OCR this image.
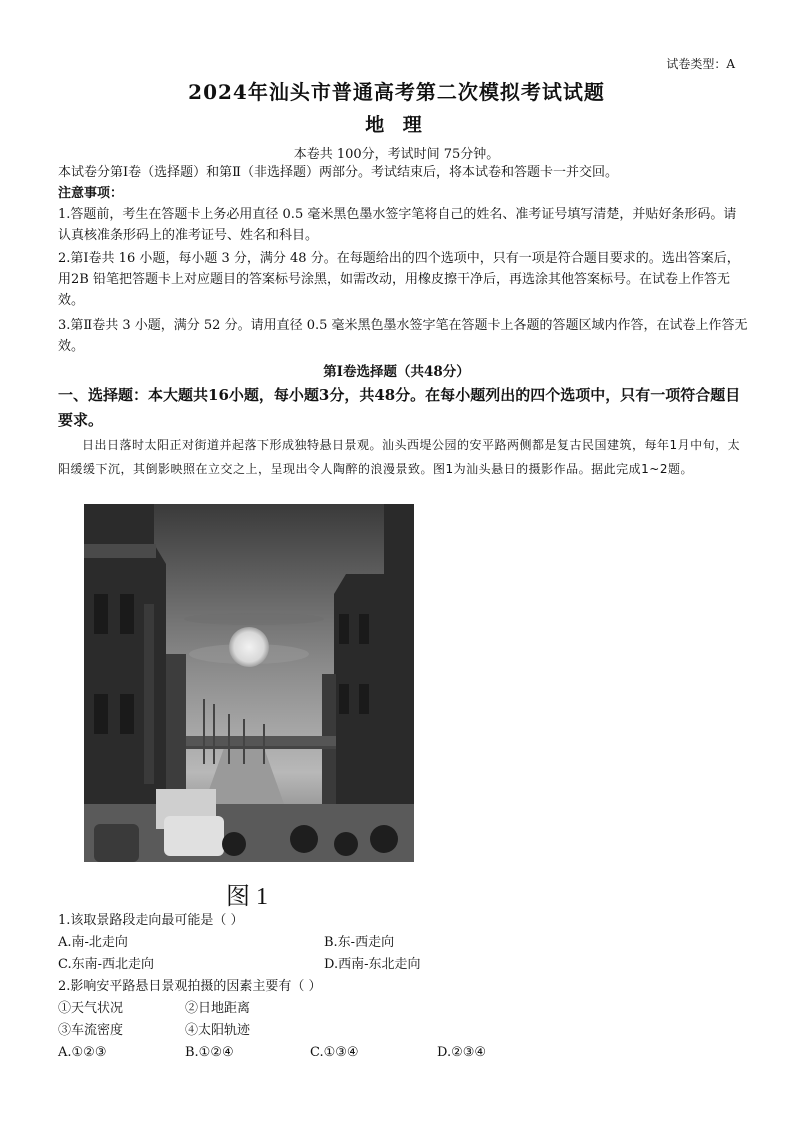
试卷类型：A
2024年汕头市普通高考第二次模拟考试试题
地 理
本卷共 100分，考试时间 75分钟。
本试卷分第Ⅰ卷（选择题）和第Ⅱ（非选择题）两部分。考试结束后，将本试卷和答题卡一并交回。
注意事项：
1.答题前，考生在答题卡上务必用直径 0.5 毫米黑色墨水签字笔将自己的姓名、准考证号填写清楚，并贴好条形码。请认真核准条形码上的准考证号、姓名和科目。
2.第Ⅰ卷共 16 小题，每小题 3 分，满分 48 分。在每题给出的四个选项中，只有一项是符合题目要求的。选出答案后，用2B 铅笔把答题卡上对应题目的答案标号涂黑，如需改动，用橡皮擦干净后，再选涂其他答案标号。在试卷上作答无效。
3.第Ⅱ卷共 3 小题，满分 52 分。请用直径 0.5 毫米黑色墨水签字笔在答题卡上各题的答题区域内作答，在试卷上作答无效。
第Ⅰ卷选择题（共48分）
一、选择题：本大题共16小题，每小题3分，共48分。在每小题列出的四个选项中，只有一项符合题目要求。
日出日落时太阳正对街道并起落下形成独特悬日景观。汕头西堤公园的安平路两侧都是复古民国建筑，每年1月中旬，太阳缓缓下沉，其倒影映照在立交之上，呈现出令人陶醉的浪漫景致。图1为汕头悬日的摄影作品。据此完成1~2题。
图 1
1.该取景路段走向最可能是（ ）
A.南-北走向	B.东-西走向
C.东南-西北走向	D.西南-东北走向
2.影响安平路悬日景观拍摄的因素主要有（ ）
①天气状况	②日地距离
③车流密度	④太阳轨迹
A.①②③	B.①②④	C.①③④	D.②③④
